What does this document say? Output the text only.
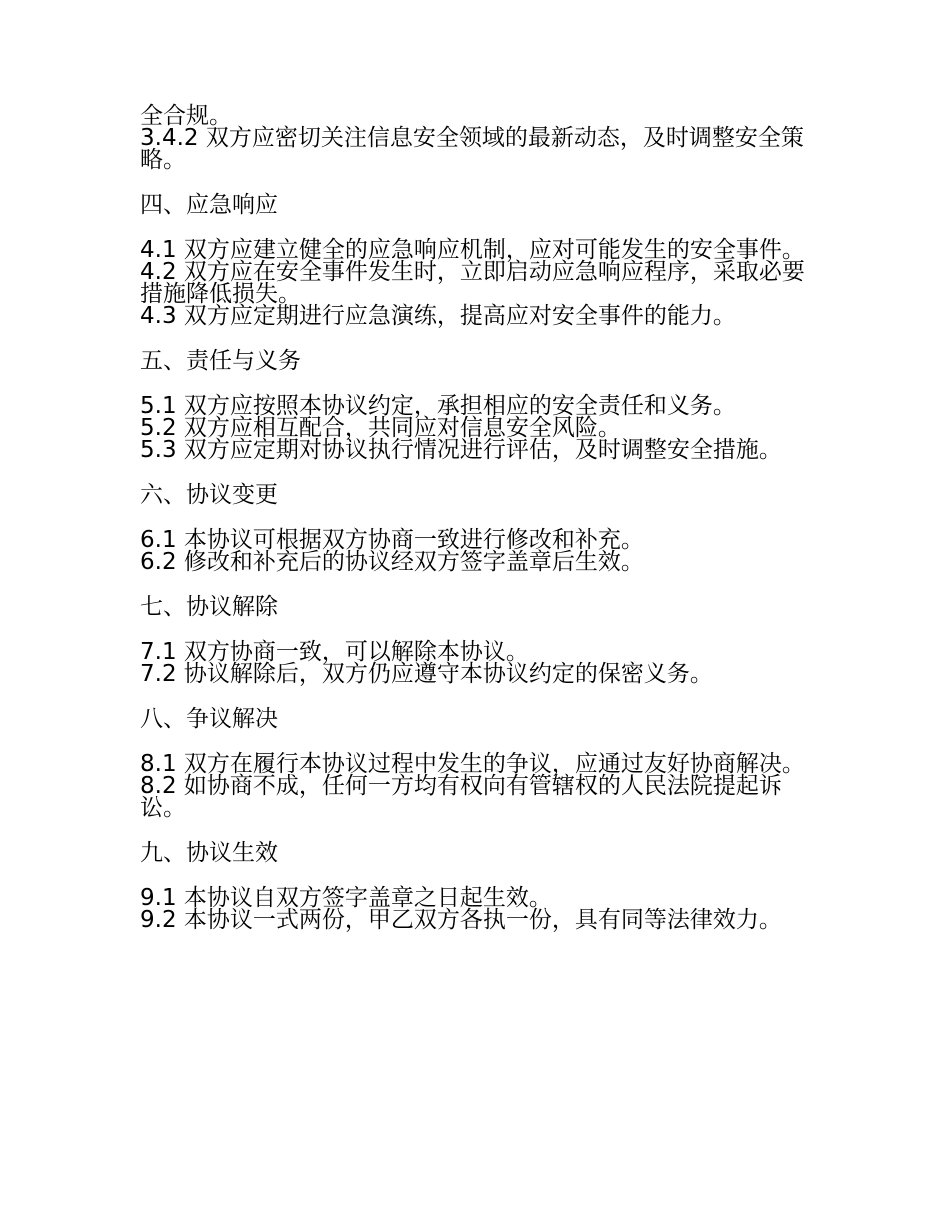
全合规。

3.4.2 双方应密切关注信息安全领域的最新动态，及时调整安全策略。

四、应急响应

4.1 双方应建立健全的应急响应机制，应对可能发生的安全事件。

4.2 双方应在安全事件发生时，立即启动应急响应程序，采取必要措施降低损失。

4.3 双方应定期进行应急演练，提高应对安全事件的能力。

五、责任与义务

5.1 双方应按照本协议约定，承担相应的安全责任和义务。

5.2 双方应相互配合，共同应对信息安全风险。

5.3 双方应定期对协议执行情况进行评估，及时调整安全措施。

六、协议变更

6.1 本协议可根据双方协商一致进行修改和补充。

6.2 修改和补充后的协议经双方签字盖章后生效。

七、协议解除

7.1 双方协商一致，可以解除本协议。

7.2 协议解除后，双方仍应遵守本协议约定的保密义务。

八、争议解决

8.1 双方在履行本协议过程中发生的争议，应通过友好协商解决。

8.2 如协商不成，任何一方均有权向有管辖权的人民法院提起诉讼。

九、协议生效

9.1 本协议自双方签字盖章之日起生效。

9.2 本协议一式两份，甲乙双方各执一份，具有同等法律效力。
